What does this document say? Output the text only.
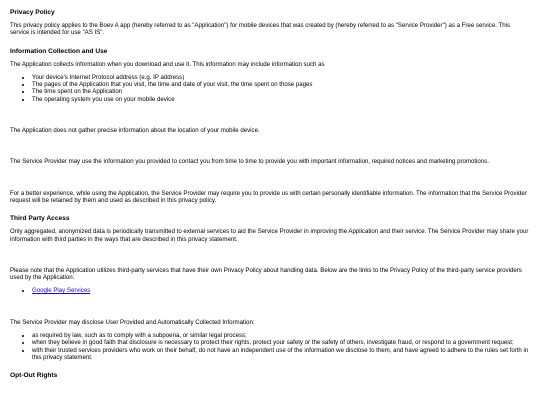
Privacy Policy

This privacy policy applies to the Boev A app (hereby referred to as "Application") for mobile devices that was created by (hereby referred to as "Service Provider") as a Free service. This service is intended for use "AS IS".

Information Collection and Use

The Application collects information when you download and use it. This information may include information such as

• Your device's Internet Protocol address (e.g. IP address)
• The pages of the Application that you visit, the time and date of your visit, the time spent on those pages
• The time spent on the Application
• The operating system you use on your mobile device

The Application does not gather precise information about the location of your mobile device.

The Service Provider may use the information you provided to contact you from time to time to provide you with important information, required notices and marketing promotions.

For a better experience, while using the Application, the Service Provider may require you to provide us with certain personally identifiable information. The information that the Service Provider request will be retained by them and used as described in this privacy policy.

Third Party Access

Only aggregated, anonymized data is periodically transmitted to external services to aid the Service Provider in improving the Application and their service. The Service Provider may share your information with third parties in the ways that are described in this privacy statement.

Please note that the Application utilizes third-party services that have their own Privacy Policy about handling data. Below are the links to the Privacy Policy of the third-party service providers used by the Application:

• Google Play Services

The Service Provider may disclose User Provided and Automatically Collected Information:

• as required by law, such as to comply with a subpoena, or similar legal process;
• when they believe in good faith that disclosure is necessary to protect their rights, protect your safety or the safety of others, investigate fraud, or respond to a government request;
• with their trusted services providers who work on their behalf, do not have an independent use of the information we disclose to them, and have agreed to adhere to the rules set forth in this privacy statement.
Opt-Out Rights
